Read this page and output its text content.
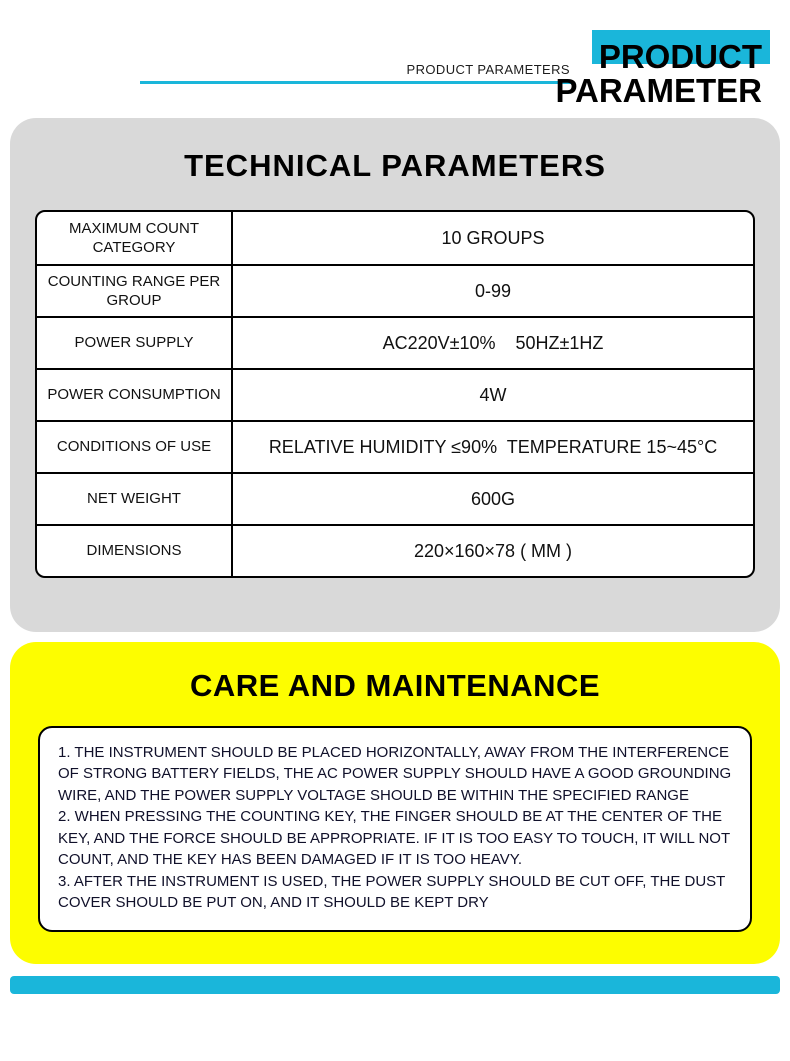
PRODUCT PARAMETERS PRODUCT
PARAMETER
TECHNICAL PARAMETERS
MAXIMUM COUNT CATEGORY	10 GROUPS
COUNTING RANGE PER GROUP	0-99
POWER SUPPLY	AC220V±10%    50HZ±1HZ
POWER CONSUMPTION	4W
CONDITIONS OF USE	RELATIVE HUMIDITY ≤90%  TEMPERATURE 15~45°C
NET WEIGHT	600G
DIMENSIONS	220×160×78 ( MM )
CARE AND MAINTENANCE

1. THE INSTRUMENT SHOULD BE PLACED HORIZONTALLY, AWAY FROM THE INTERFERENCE OF STRONG BATTERY FIELDS, THE AC POWER SUPPLY SHOULD HAVE A GOOD GROUNDING WIRE, AND THE POWER SUPPLY VOLTAGE SHOULD BE WITHIN THE SPECIFIED RANGE

2. WHEN PRESSING THE COUNTING KEY, THE FINGER SHOULD BE AT THE CENTER OF THE KEY, AND THE FORCE SHOULD BE APPROPRIATE. IF IT IS TOO EASY TO TOUCH, IT WILL NOT COUNT, AND THE KEY HAS BEEN DAMAGED IF IT IS TOO HEAVY.

3. AFTER THE INSTRUMENT IS USED, THE POWER SUPPLY SHOULD BE CUT OFF, THE DUST COVER SHOULD BE PUT ON, AND IT SHOULD BE KEPT DRY
